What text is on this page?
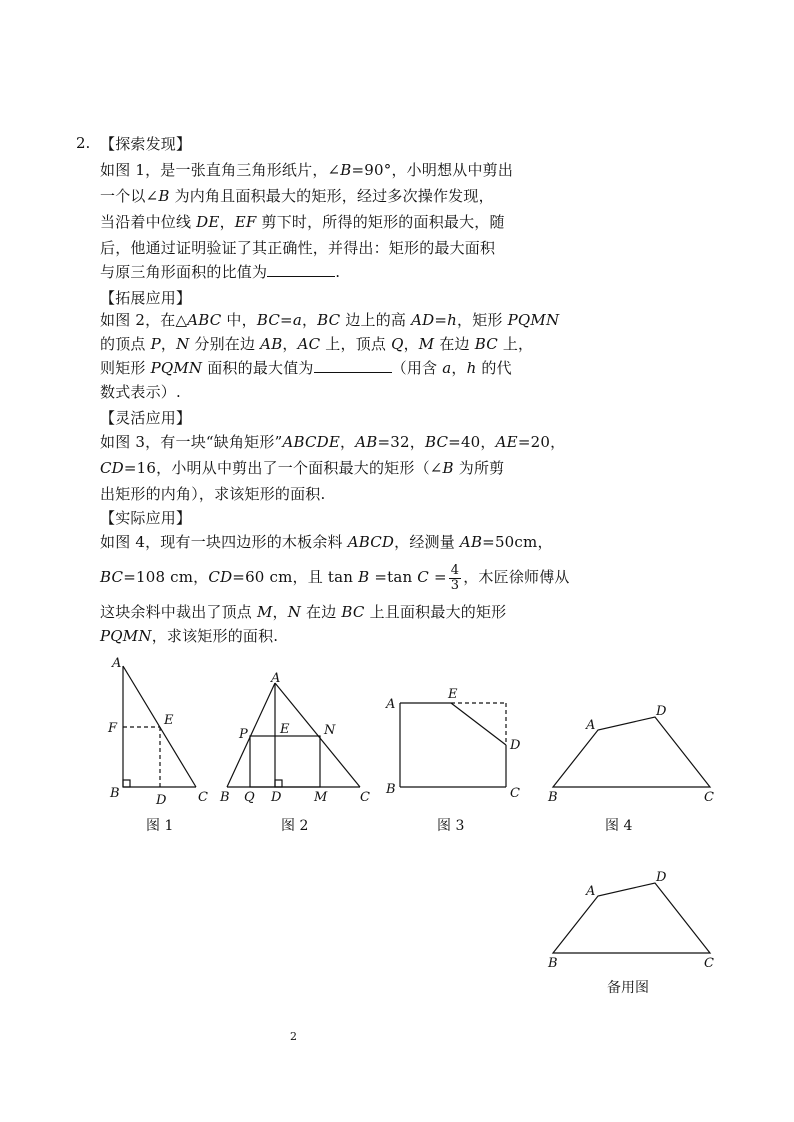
2. 【探索发现】
如图 1，是一张直角三角形纸片，∠B=90°，小明想从中剪出
一个以∠B 为内角且面积最大的矩形，经过多次操作发现，
当沿着中位线 DE，EF 剪下时，所得的矩形的面积最大，随
后，他通过证明验证了其正确性，并得出：矩形的最大面积
与原三角形面积的比值为	.
【拓展应用】
如图 2，在△ABC 中，BC=a，BC 边上的高 AD=h，矩形 PQMN
的顶点 P，N 分别在边 AB，AC 上，顶点 Q，M 在边 BC 上，
则矩形 PQMN 面积的最大值为	（用含 a，h 的代
数式表示）.
【灵活应用】
如图 3，有一块“缺角矩形”ABCDE，AB=32，BC=40，AE=20，
CD=16，小明从中剪出了一个面积最大的矩形（∠B 为所剪
出矩形的内角），求该矩形的面积.
【实际应用】
如图 4，现有一块四边形的木板余料 ABCD，经测量 AB=50cm，
BC=108 cm，CD=60 cm，且 tan B =tan $C = \frac{4}{3}$ ，木匠徐师傅从
这块余料中裁出了顶点 M，N 在边 BC 上且面积最大的矩形
PQMN，求该矩形的面积.
A
F
E
B	D C
图 1
A
P E	N
B Q D	M	C
图 2
A
E
D
B	C
图 3
A
D
B	C
图 4
A
D
B	C
备用图
2
